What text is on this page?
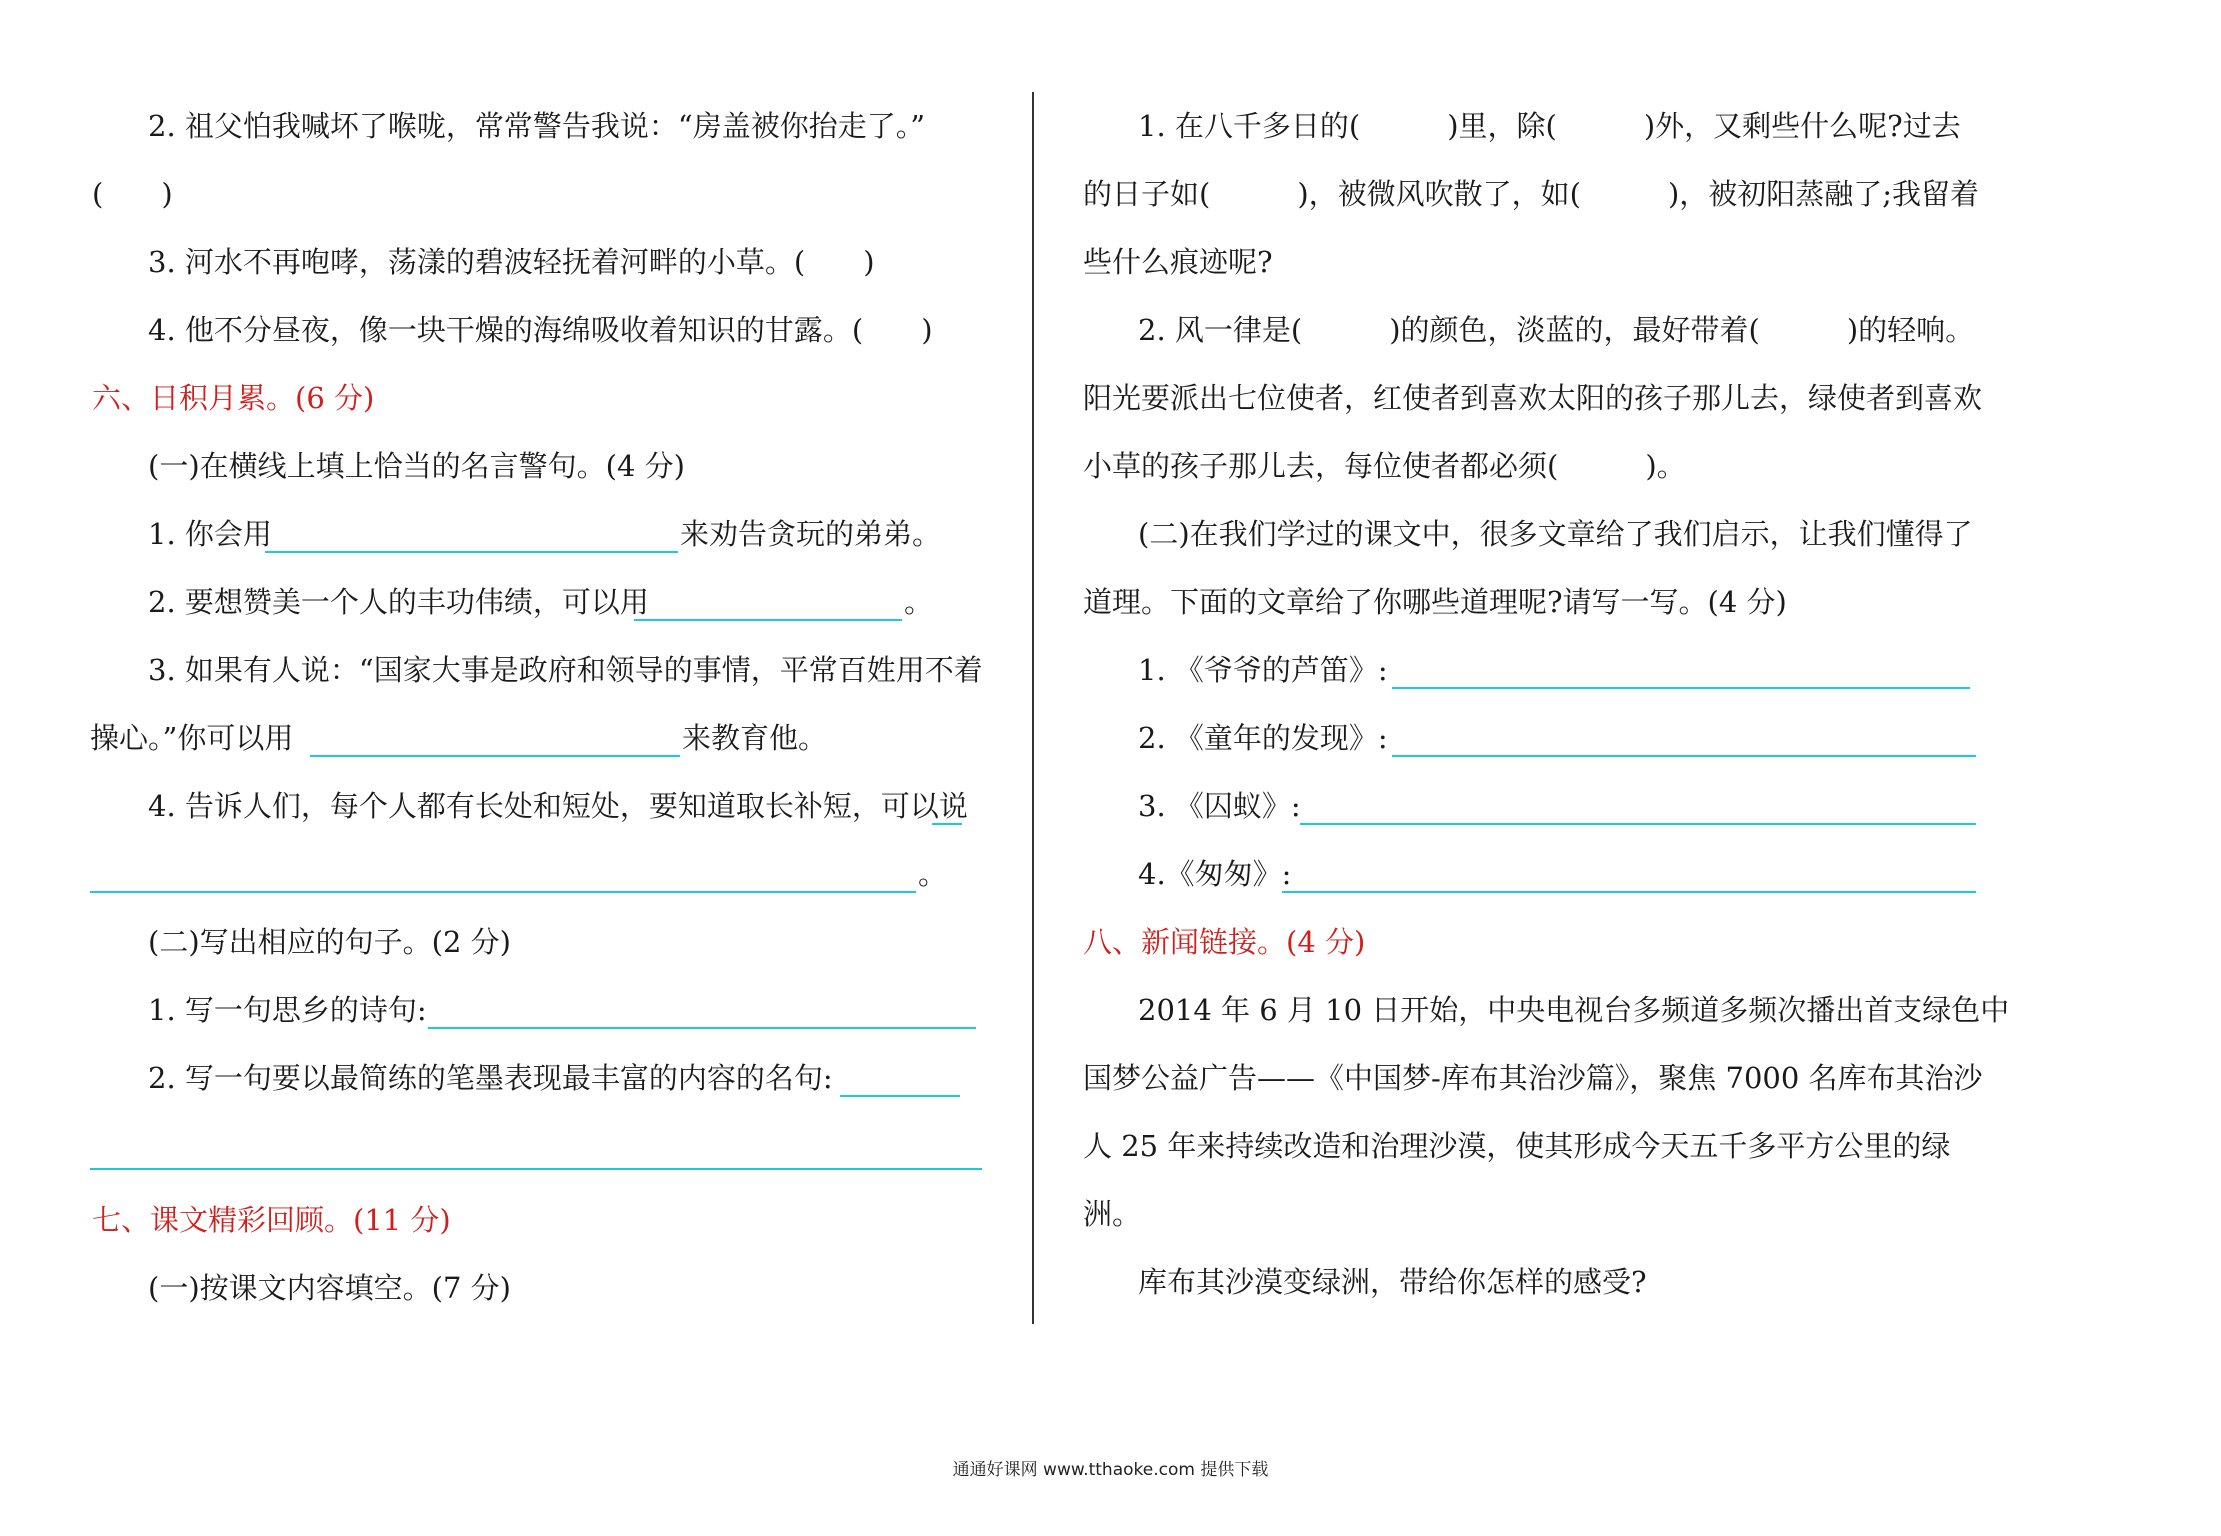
2. 祖父怕我喊坏了喉咙，常常警告我说：“房盖被你抬走了。”
(　　)
3. 河水不再咆哮，荡漾的碧波轻抚着河畔的小草。(　　)
4. 他不分昼夜，像一块干燥的海绵吸收着知识的甘露。(　　)
六、日积月累。(6 分)
(一)在横线上填上恰当的名言警句。(4 分)
1. 你会用	来劝告贪玩的弟弟。
2. 要想赞美一个人的丰功伟绩，可以用	。
3. 如果有人说：“国家大事是政府和领导的事情，平常百姓用不着
操心。”你可以用	来教育他。
4. 告诉人们，每个人都有长处和短处，要知道取长补短，可以说
。
(二)写出相应的句子。(2 分)
1. 写一句思乡的诗句:
2. 写一句要以最简练的笔墨表现最丰富的内容的名句:
七、课文精彩回顾。(11 分)
(一)按课文内容填空。(7 分)
1. 在八千多日的(　　　)里，除(　　　)外，又剩些什么呢?过去
的日子如(　　　)，被微风吹散了，如(　　　)，被初阳蒸融了;我留着
些什么痕迹呢?
2. 风一律是(　　　)的颜色，淡蓝的，最好带着(　　　)的轻响。
阳光要派出七位使者，红使者到喜欢太阳的孩子那儿去，绿使者到喜欢
小草的孩子那儿去，每位使者都必须(　　　)。
(二)在我们学过的课文中，很多文章给了我们启示，让我们懂得了
道理。下面的文章给了你哪些道理呢?请写一写。(4 分)
1. 《爷爷的芦笛》:
2. 《童年的发现》:
3. 《囚蚁》:
4.《匆匆》:
八、新闻链接。(4 分)
2014 年 6 月 10 日开始，中央电视台多频道多频次播出首支绿色中
国梦公益广告——《中国梦-库布其治沙篇》，聚焦 7000 名库布其治沙
人 25 年来持续改造和治理沙漠，使其形成今天五千多平方公里的绿
洲。
库布其沙漠变绿洲，带给你怎样的感受?
通通好课网 www.tthaoke.com 提供下载
